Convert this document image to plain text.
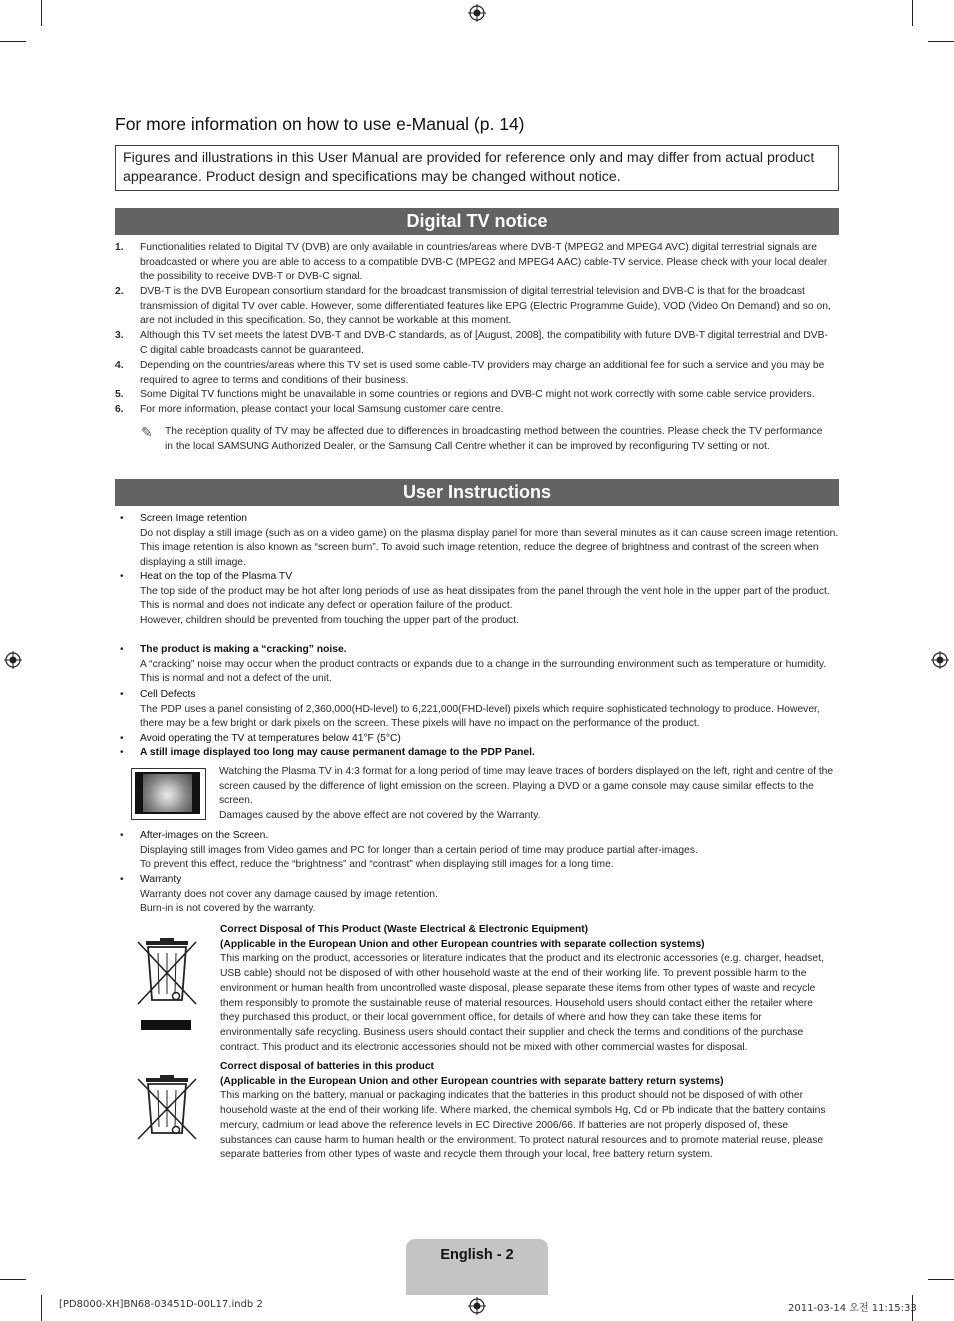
For more information on how to use e-Manual (p. 14)
Figures and illustrations in this User Manual are provided for reference only and may differ from actual product appearance. Product design and specifications may be changed without notice.
Digital TV notice
1. Functionalities related to Digital TV (DVB) are only available in countries/areas where DVB-T (MPEG2 and MPEG4 AVC) digital terrestrial signals are broadcasted or where you are able to access to a compatible DVB-C (MPEG2 and MPEG4 AAC) cable-TV service. Please check with your local dealer the possibility to receive DVB-T or DVB-C signal.
2. DVB-T is the DVB European consortium standard for the broadcast transmission of digital terrestrial television and DVB-C is that for the broadcast transmission of digital TV over cable. However, some differentiated features like EPG (Electric Programme Guide), VOD (Video On Demand) and so on, are not included in this specification. So, they cannot be workable at this moment.
3. Although this TV set meets the latest DVB-T and DVB-C standards, as of [August, 2008], the compatibility with future DVB-T digital terrestrial and DVB-C digital cable broadcasts cannot be guaranteed.
4. Depending on the countries/areas where this TV set is used some cable-TV providers may charge an additional fee for such a service and you may be required to agree to terms and conditions of their business.
5. Some Digital TV functions might be unavailable in some countries or regions and DVB-C might not work correctly with some cable service providers.
6. For more information, please contact your local Samsung customer care centre.
✎ The reception quality of TV may be affected due to differences in broadcasting method between the countries. Please check the TV performance in the local SAMSUNG Authorized Dealer, or the Samsung Call Centre whether it can be improved by reconfiguring TV setting or not.
User Instructions
• Screen Image retention
Do not display a still image (such as on a video game) on the plasma display panel for more than several minutes as it can cause screen image retention. This image retention is also known as “screen burn”. To avoid such image retention, reduce the degree of brightness and contrast of the screen when displaying a still image.
• Heat on the top of the Plasma TV
The top side of the product may be hot after long periods of use as heat dissipates from the panel through the vent hole in the upper part of the product.
This is normal and does not indicate any defect or operation failure of the product.
However, children should be prevented from touching the upper part of the product.
• The product is making a “cracking” noise.
A “cracking” noise may occur when the product contracts or expands due to a change in the surrounding environment such as temperature or humidity. This is normal and not a defect of the unit.
• Cell Defects
The PDP uses a panel consisting of 2,360,000(HD-level) to 6,221,000(FHD-level) pixels which require sophisticated technology to produce. However, there may be a few bright or dark pixels on the screen. These pixels will have no impact on the performance of the product.
• Avoid operating the TV at temperatures below 41°F (5°C)
• A still image displayed too long may cause permanent damage to the PDP Panel.
Watching the Plasma TV in 4:3 format for a long period of time may leave traces of borders displayed on the left, right and centre of the screen caused by the difference of light emission on the screen. Playing a DVD or a game console may cause similar effects to the screen.
Damages caused by the above effect are not covered by the Warranty.
• After-images on the Screen.
Displaying still images from Video games and PC for longer than a certain period of time may produce partial after-images.
To prevent this effect, reduce the “brightness” and “contrast” when displaying still images for a long time.
• Warranty
Warranty does not cover any damage caused by image retention.
Burn-in is not covered by the warranty.
Correct Disposal of This Product (Waste Electrical & Electronic Equipment)
(Applicable in the European Union and other European countries with separate collection systems)
This marking on the product, accessories or literature indicates that the product and its electronic accessories (e.g. charger, headset, USB cable) should not be disposed of with other household waste at the end of their working life. To prevent possible harm to the environment or human health from uncontrolled waste disposal, please separate these items from other types of waste and recycle them responsibly to promote the sustainable reuse of material resources. Household users should contact either the retailer where they purchased this product, or their local government office, for details of where and how they can take these items for environmentally safe recycling. Business users should contact their supplier and check the terms and conditions of the purchase contract. This product and its electronic accessories should not be mixed with other commercial wastes for disposal.
Correct disposal of batteries in this product
(Applicable in the European Union and other European countries with separate battery return systems)
This marking on the battery, manual or packaging indicates that the batteries in this product should not be disposed of with other household waste at the end of their working life. Where marked, the chemical symbols Hg, Cd or Pb indicate that the battery contains mercury, cadmium or lead above the reference levels in EC Directive 2006/66. If batteries are not properly disposed of, these substances can cause harm to human health or the environment. To protect natural resources and to promote material reuse, please separate batteries from other types of waste and recycle them through your local, free battery return system.
English - 2
[PD8000-XH]BN68-03451D-00L17.indb 2	2011-03-14 오전 11:15:33
